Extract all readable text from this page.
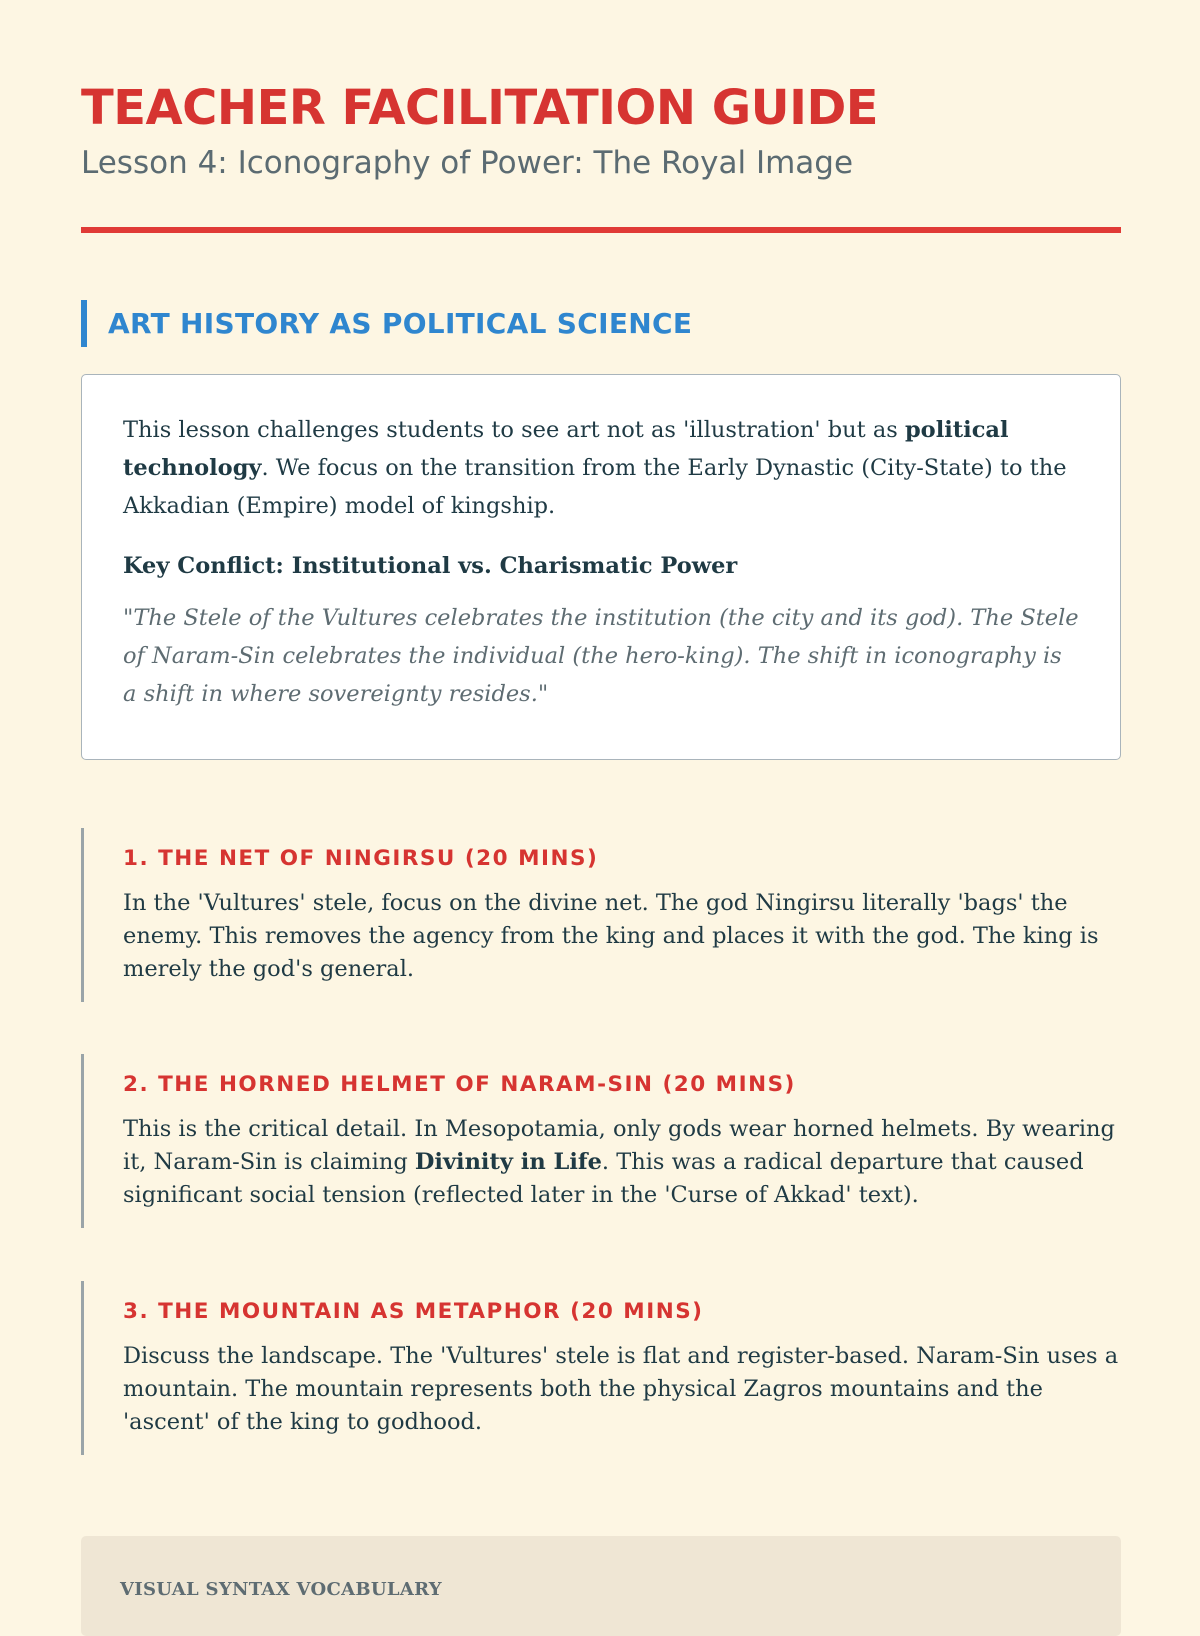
TEACHER FACILITATION GUIDE
Lesson 4: Iconography of Power: The Royal Image
ART HISTORY AS POLITICAL SCIENCE

This lesson challenges students to see art not as 'illustration' but as political technology. We focus on the transition from the Early Dynastic (City-State) to the Akkadian (Empire) model of kingship.

Key Conflict: Institutional vs. Charismatic Power

"The Stele of the Vultures celebrates the institution (the city and its god). The Stele of Naram-Sin celebrates the individual (the hero-king). The shift in iconography is a shift in where sovereignty resides."

1. THE NET OF NINGIRSU (20 MINS)

In the 'Vultures' stele, focus on the divine net. The god Ningirsu literally 'bags' the enemy. This removes the agency from the king and places it with the god. The king is merely the god's general.

2. THE HORNED HELMET OF NARAM-SIN (20 MINS)

This is the critical detail. In Mesopotamia, only gods wear horned helmets. By wearing it, Naram-Sin is claiming Divinity in Life. This was a radical departure that caused significant social tension (reflected later in the 'Curse of Akkad' text).

3. THE MOUNTAIN AS METAPHOR (20 MINS)

Discuss the landscape. The 'Vultures' stele is flat and register-based. Naram-Sin uses a mountain. The mountain represents both the physical Zagros mountains and the 'ascent' of the king to godhood.

VISUAL SYNTAX VOCABULARY
